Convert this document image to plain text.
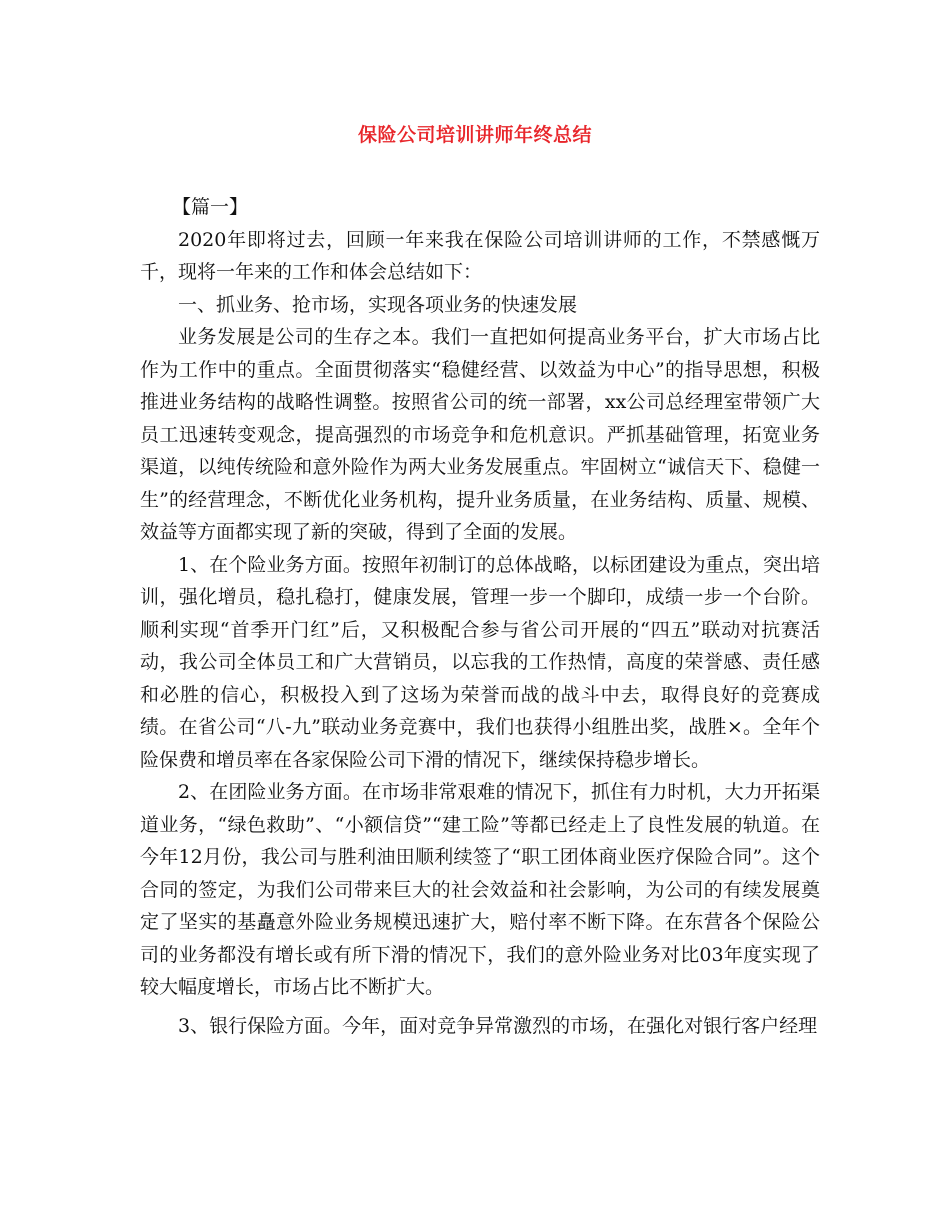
保险公司培训讲师年终总结

【篇一】

2020年即将过去，回顾一年来我在保险公司培训讲师的工作，不禁感慨万千，现将一年来的工作和体会总结如下：

一、抓业务、抢市场，实现各项业务的快速发展

业务发展是公司的生存之本。我们一直把如何提高业务平台，扩大市场占比作为工作中的重点。全面贯彻落实“稳健经营、以效益为中心”的指导思想，积极推进业务结构的战略性调整。按照省公司的统一部署，xx公司总经理室带领广大员工迅速转变观念，提高强烈的市场竞争和危机意识。严抓基础管理，拓宽业务渠道，以纯传统险和意外险作为两大业务发展重点。牢固树立“诚信天下、稳健一生”的经营理念，不断优化业务机构，提升业务质量，在业务结构、质量、规模、效益等方面都实现了新的突破，得到了全面的发展。

1、在个险业务方面。按照年初制订的总体战略，以标团建设为重点，突出培训，强化增员，稳扎稳打，健康发展，管理一步一个脚印，成绩一步一个台阶。顺利实现“首季开门红”后，又积极配合参与省公司开展的“四五”联动对抗赛活动，我公司全体员工和广大营销员，以忘我的工作热情，高度的荣誉感、责任感和必胜的信心，积极投入到了这场为荣誉而战的战斗中去，取得良好的竞赛成绩。在省公司“八-九”联动业务竞赛中，我们也获得小组胜出奖，战胜×。全年个险保费和增员率在各家保险公司下滑的情况下，继续保持稳步增长。

2、在团险业务方面。在市场非常艰难的情况下，抓住有力时机，大力开拓渠道业务，“绿色救助”、“小额信贷”“建工险”等都已经走上了良性发展的轨道。在今年12月份，我公司与胜利油田顺利续签了“职工团体商业医疗保险合同”。这个合同的签定，为我们公司带来巨大的社会效益和社会影响，为公司的有续发展奠定了坚实的基矗意外险业务规模迅速扩大，赔付率不断下降。在东营各个保险公司的业务都没有增长或有所下滑的情况下，我们的意外险业务对比03年度实现了较大幅度增长，市场占比不断扩大。

3、银行保险方面。今年，面对竞争异常激烈的市场，在强化对银行客户经理
